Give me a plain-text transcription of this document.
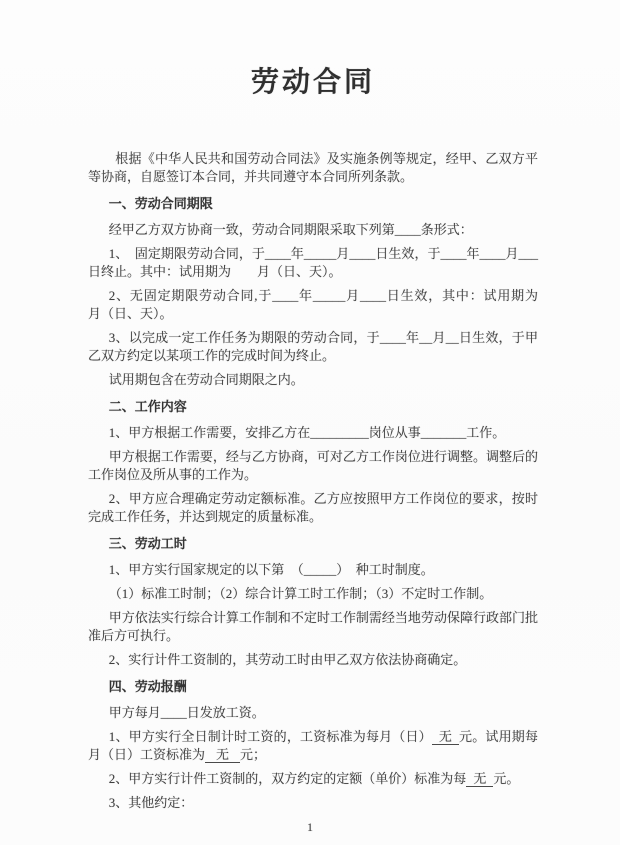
劳动合同

根据《中华人民共和国劳动合同法》及实施条例等规定，经甲、乙双方平等协商，自愿签订本合同，并共同遵守本合同所列条款。

一、劳动合同期限

经甲乙方双方协商一致，劳动合同期限采取下列第____条形式：

1、　固定期限劳动合同，于____年_____月____日生效，于____年____月___日终止。其中：试用期为　　月（日、天）。

2、无固定期限劳动合同,于____年_____月____日生效，其中：试用期为　　月（日、天）。

3、以完成一定工作任务为期限的劳动合同，于____年__月__日生效，于甲乙双方约定以某项工作的完成时间为终止。

试用期包含在劳动合同期限之内。

二、工作内容

1、甲方根据工作需要，安排乙方在_________岗位从事_______工作。

甲方根据工作需要，经与乙方协商，可对乙方工作岗位进行调整。调整后的工作岗位及所从事的工作为。

2、甲方应合理确定劳动定额标准。乙方应按照甲方工作岗位的要求，按时完成工作任务，并达到规定的质量标准。

三、劳动工时

1、甲方实行国家规定的以下第　（_____）　种工时制度。

（1）标准工时制；（2）综合计算工时工作制；（3）不定时工作制。

甲方依法实行综合计算工作制和不定时工作制需经当地劳动保障行政部门批准后方可执行。

2、实行计件工资制的，其劳动工时由甲乙双方依法协商确定。

四、劳动报酬

甲方每月____日发放工资。

1、甲方实行全日制计时工资的，工资标准为每月（日） 无 元。试用期每月（日）工资标准为 无 元；

2、甲方实行计件工资制的，双方约定的定额（单价）标准为每 无 元。

3、其他约定：

1
